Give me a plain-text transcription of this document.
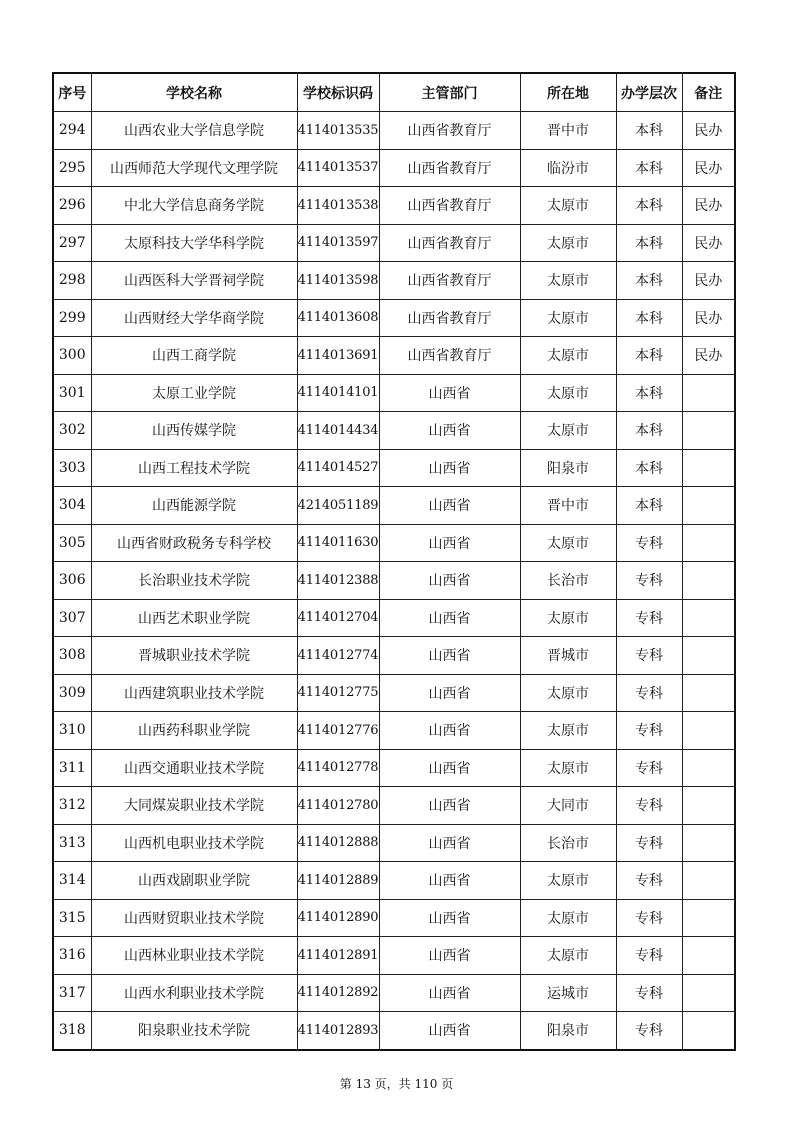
序号	学校名称	学校标识码	主管部门	所在地	办学层次	备注
294	山西农业大学信息学院	4114013535	山西省教育厅	晋中市	本科	民办
295	山西师范大学现代文理学院	4114013537	山西省教育厅	临汾市	本科	民办
296	中北大学信息商务学院	4114013538	山西省教育厅	太原市	本科	民办
297	太原科技大学华科学院	4114013597	山西省教育厅	太原市	本科	民办
298	山西医科大学晋祠学院	4114013598	山西省教育厅	太原市	本科	民办
299	山西财经大学华商学院	4114013608	山西省教育厅	太原市	本科	民办
300	山西工商学院	4114013691	山西省教育厅	太原市	本科	民办
301	太原工业学院	4114014101	山西省	太原市	本科	
302	山西传媒学院	4114014434	山西省	太原市	本科	
303	山西工程技术学院	4114014527	山西省	阳泉市	本科	
304	山西能源学院	4214051189	山西省	晋中市	本科	
305	山西省财政税务专科学校	4114011630	山西省	太原市	专科	
306	长治职业技术学院	4114012388	山西省	长治市	专科	
307	山西艺术职业学院	4114012704	山西省	太原市	专科	
308	晋城职业技术学院	4114012774	山西省	晋城市	专科	
309	山西建筑职业技术学院	4114012775	山西省	太原市	专科	
310	山西药科职业学院	4114012776	山西省	太原市	专科	
311	山西交通职业技术学院	4114012778	山西省	太原市	专科	
312	大同煤炭职业技术学院	4114012780	山西省	大同市	专科	
313	山西机电职业技术学院	4114012888	山西省	长治市	专科	
314	山西戏剧职业学院	4114012889	山西省	太原市	专科	
315	山西财贸职业技术学院	4114012890	山西省	太原市	专科	
316	山西林业职业技术学院	4114012891	山西省	太原市	专科	
317	山西水利职业技术学院	4114012892	山西省	运城市	专科	
318	阳泉职业技术学院	4114012893	山西省	阳泉市	专科	
第 13 页，共 110 页
